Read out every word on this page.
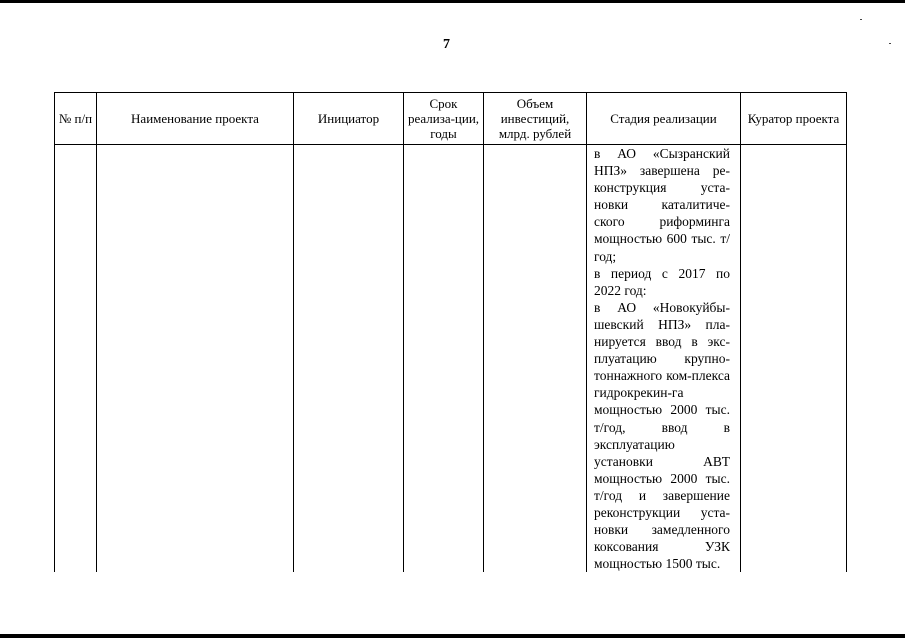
7
№ п/п	Наименование проекта	Инициатор	Срок реализа-ции, годы	Объем инвестиций, млрд. рублей	Стадия реализации	Куратор проекта

					в АО «Сызранский НПЗ» завершена ре-конструкция уста-новки каталитиче-ского риформинга мощностью 600 тыс. т/год;

в период с 2017 по 2022 год:

в АО «Новокуйбы-шевский НПЗ» пла-нируется ввод в экс-плуатацию крупно-тоннажного ком-плекса гидрокрекин-га мощностью 2000 тыс. т/год, ввод в эксплуатацию установки АВТ мощностью 2000 тыс. т/год и завершение реконструкции уста-новки замедленного коксования УЗК мощностью 1500 тыс.	
